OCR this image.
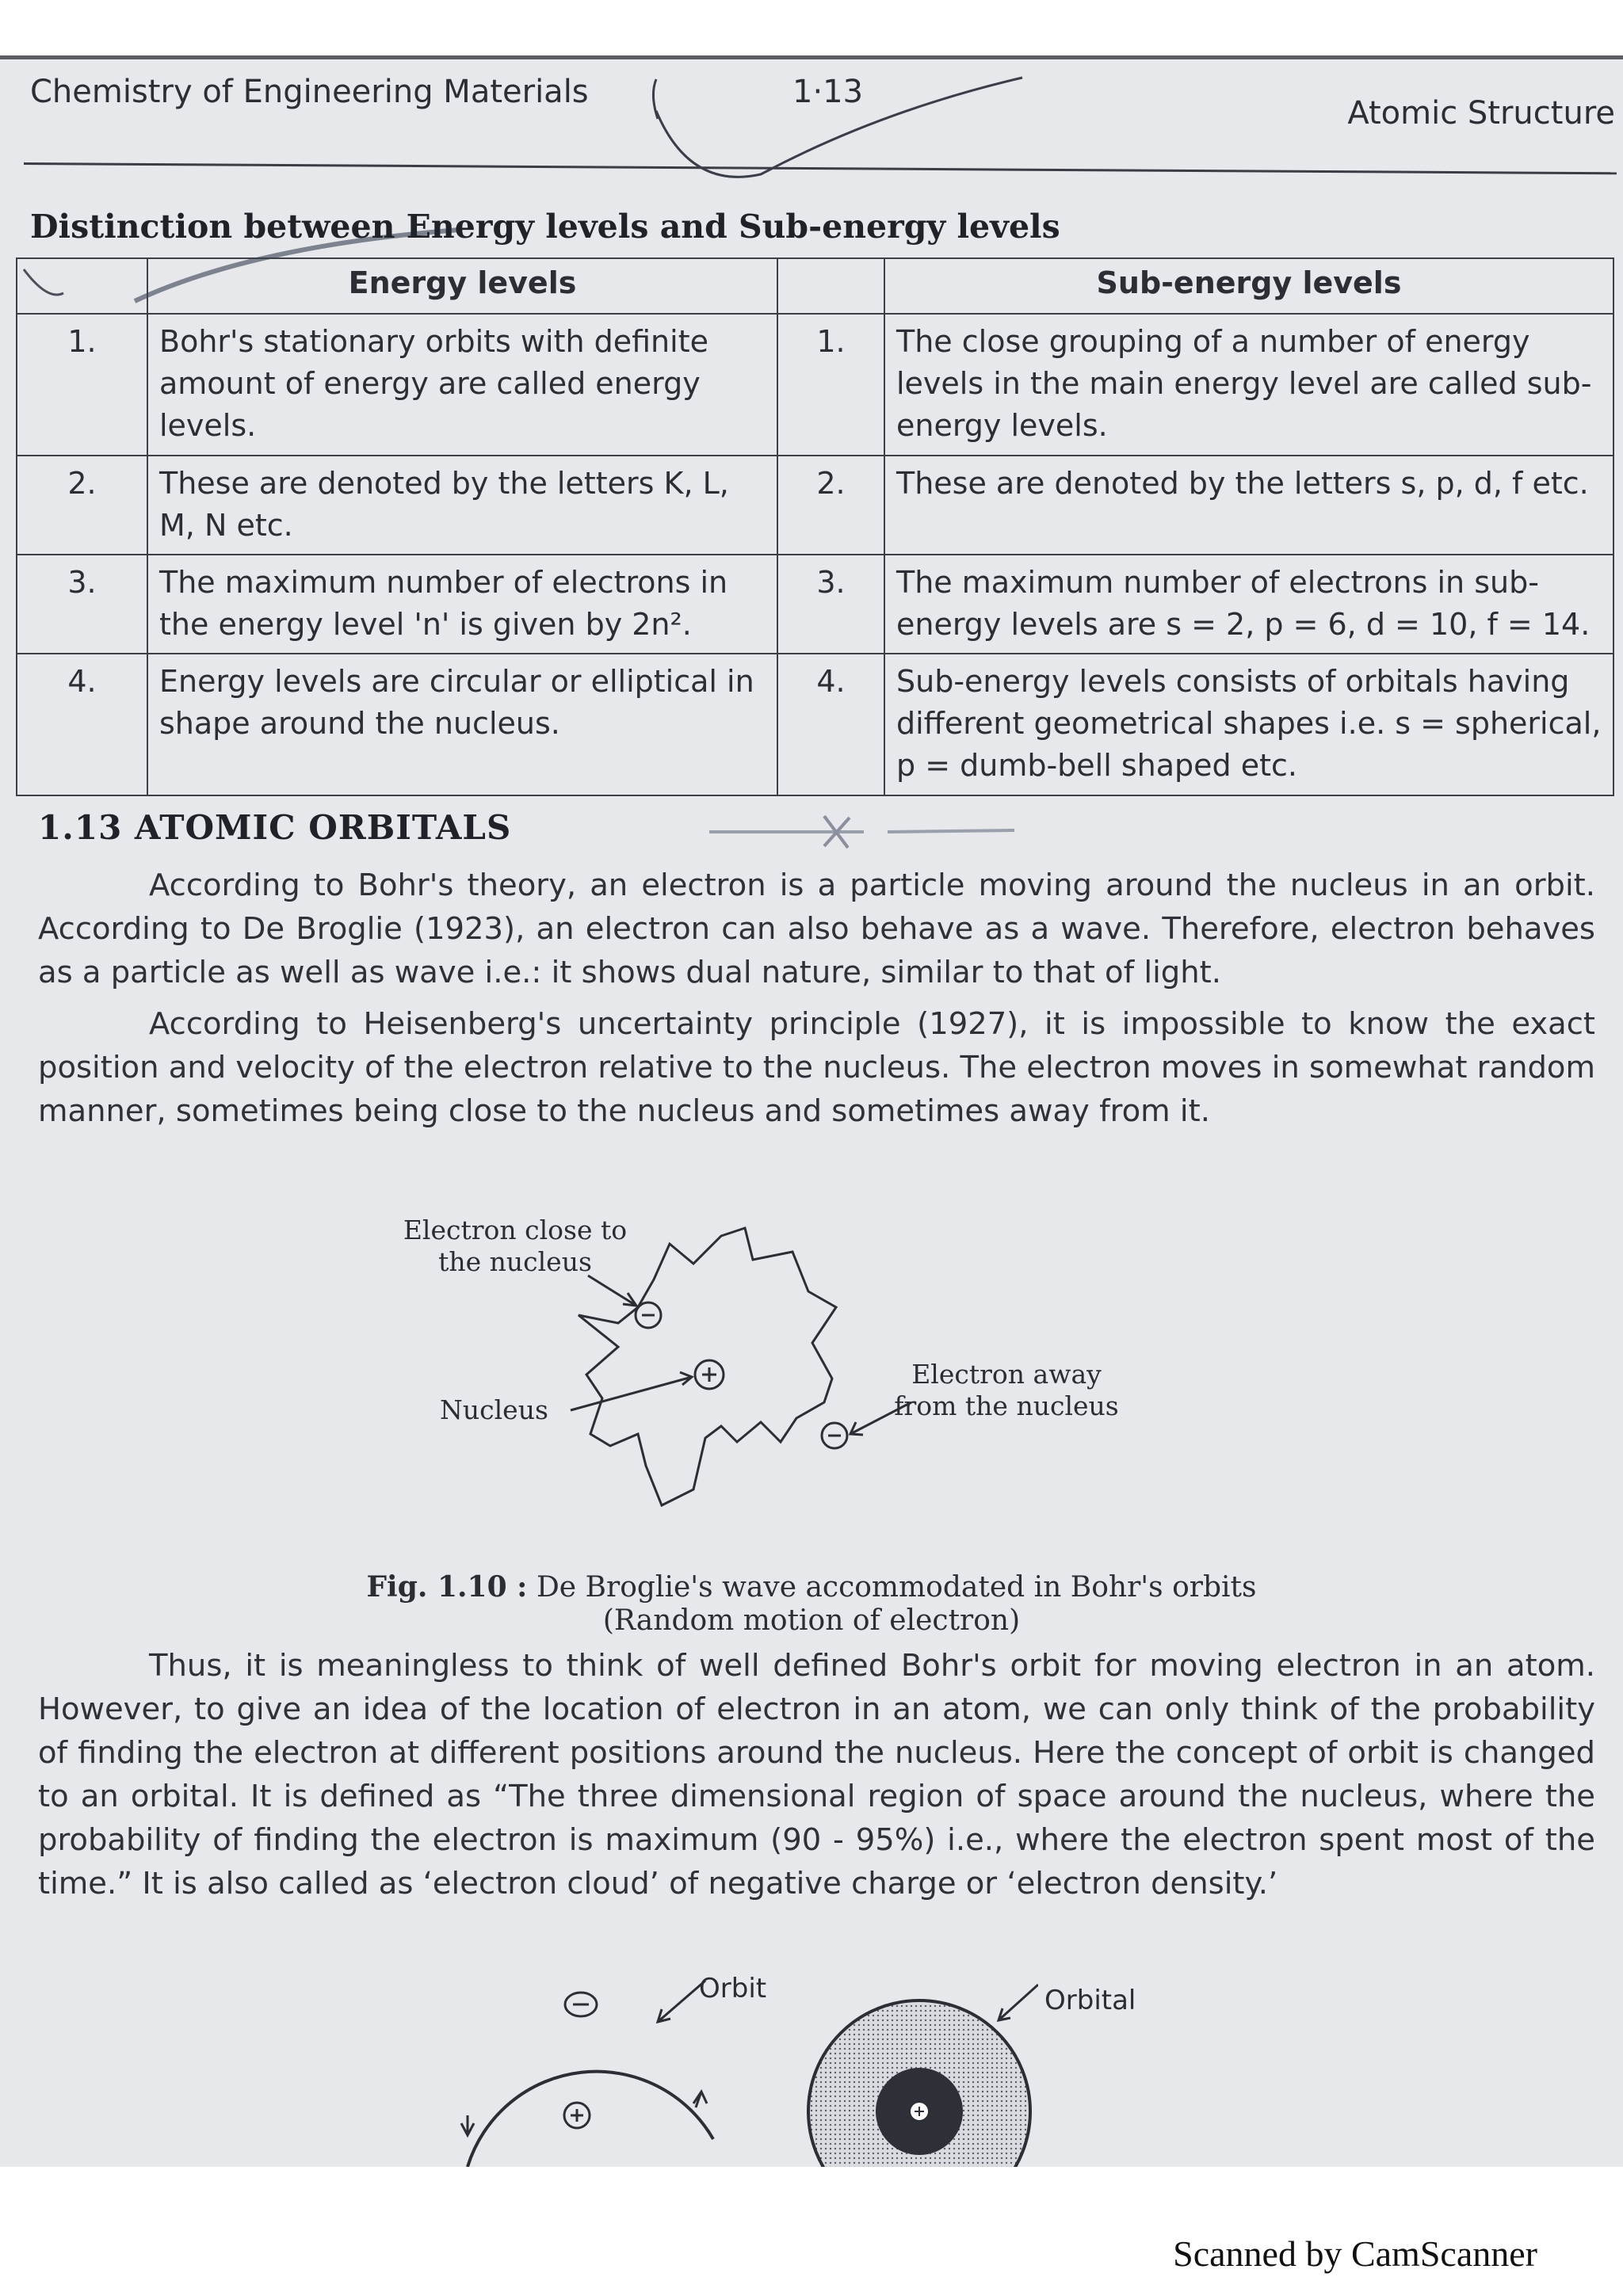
Chemistry of Engineering Materials	1·13
Atomic Structure
Distinction between Energy levels and Sub-energy levels
	Energy levels		Sub-energy levels
1.	Bohr's stationary orbits with definite amount of energy are called energy levels.	1.	The close grouping of a number of energy levels in the main energy level are called sub-energy levels.
2.	These are denoted by the letters K, L, M, N etc.	2.	These are denoted by the letters s, p, d, f etc.
3.	The maximum number of electrons in the energy level 'n' is given by 2n².	3.	The maximum number of electrons in sub-energy levels are s = 2, p = 6, d = 10, f = 14.
4.	Energy levels are circular or elliptical in shape around the nucleus.	4.	Sub-energy levels consists of orbitals having different geometrical shapes i.e. s = spherical, p = dumb-bell shaped etc.
1.13 ATOMIC ORBITALS
According to Bohr's theory, an electron is a particle moving around the nucleus in an orbit. According to De Broglie (1923), an electron can also behave as a wave. Therefore, electron behaves as a particle as well as wave i.e.: it shows dual nature, similar to that of light.
According to Heisenberg's uncertainty principle (1927), it is impossible to know the exact position and velocity of the electron relative to the nucleus. The electron moves in somewhat random manner, sometimes being close to the nucleus and sometimes away from it.
Electron close to the nucleus
Nucleus
Electron away from the nucleus
Fig. 1.10 : De Broglie's wave accommodated in Bohr's orbits
(Random motion of electron)
Thus, it is meaningless to think of well defined Bohr's orbit for moving electron in an atom. However, to give an idea of the location of electron in an atom, we can only think of the probability of finding the electron at different positions around the nucleus. Here the concept of orbit is changed to an orbital. It is defined as “The three dimensional region of space around the nucleus, where the probability of finding the electron is maximum (90 - 95%) i.e., where the electron spent most of the time.” It is also called as ‘electron cloud’ of negative charge or ‘electron density.’
Orbit	Orbital
Scanned by CamScanner
